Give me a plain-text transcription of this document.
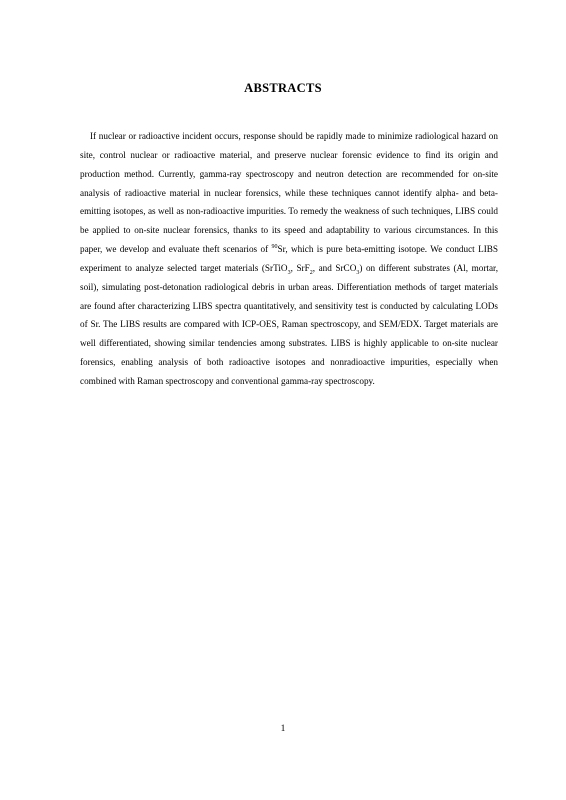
ABSTRACTS

If nuclear or radioactive incident occurs, response should be rapidly made to minimize radiological hazard on site, control nuclear or radioactive material, and preserve nuclear forensic evidence to find its origin and production method. Currently, gamma-ray spectroscopy and neutron detection are recommended for on-site analysis of radioactive material in nuclear forensics, while these techniques cannot identify alpha- and beta-emitting isotopes, as well as non-radioactive impurities. To remedy the weakness of such techniques, LIBS could be applied to on-site nuclear forensics, thanks to its speed and adaptability to various circumstances. In this paper, we develop and evaluate theft scenarios of $^{90}$Sr, which is pure beta-emitting isotope. We conduct LIBS experiment to analyze selected target materials (SrTiO$_3$, SrF$_2$, and SrCO$_3$) on different substrates (Al, mortar, soil), simulating post-detonation radiological debris in urban areas. Differentiation methods of target materials are found after characterizing LIBS spectra quantitatively, and sensitivity test is conducted by calculating LODs of Sr. The LIBS results are compared with ICP-OES, Raman spectroscopy, and SEM/EDX. Target materials are well differentiated, showing similar tendencies among substrates. LIBS is highly applicable to on-site nuclear forensics, enabling analysis of both radioactive isotopes and nonradioactive impurities, especially when combined with Raman spectroscopy and conventional gamma-ray spectroscopy.

1
